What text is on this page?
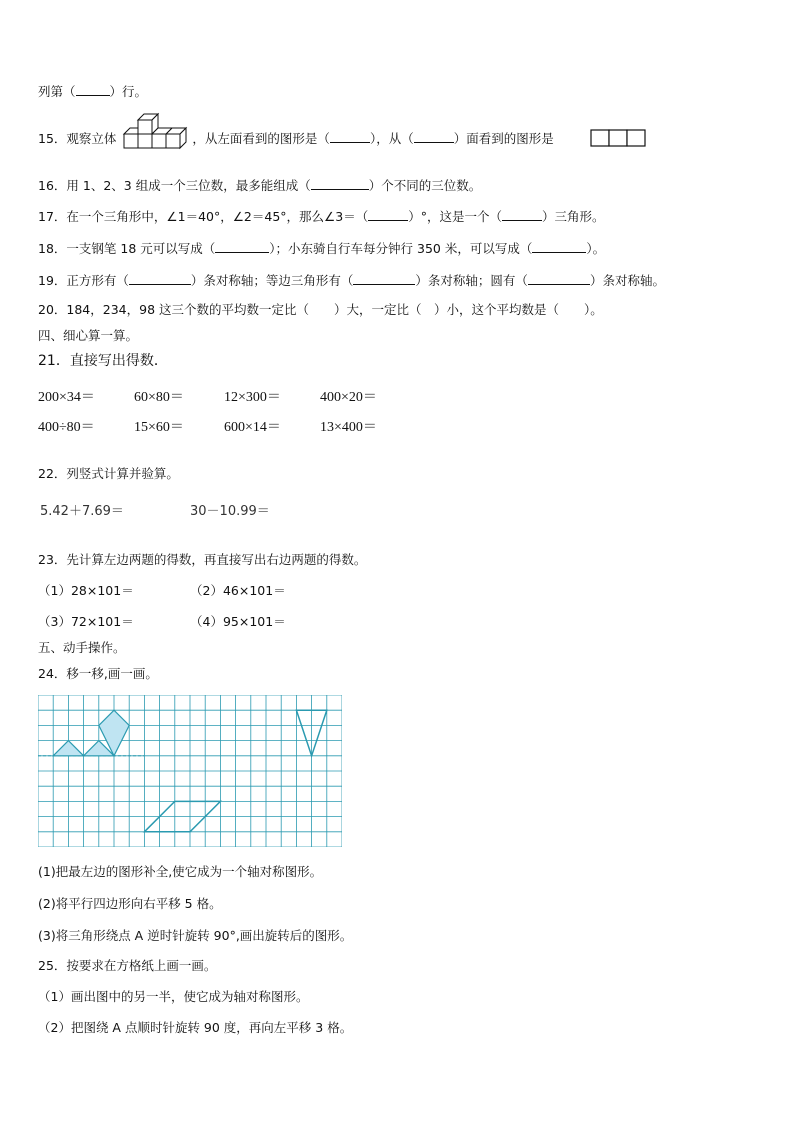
列第（	）行。
15．观察立体	，从左面看到的图形是（	），从（	）面看到的图形是
16．用 1、2、3 组成一个三位数，最多能组成（	）个不同的三位数。
17．在一个三角形中，∠1＝40°，∠2＝45°，那么∠3＝（	）°，这是一个（	）三角形。
18．一支钢笔 18 元可以写成（	）；小东骑自行车每分钟行 350 米，可以写成（	）。
19．正方形有（	）条对称轴；等边三角形有（	）条对称轴；圆有（	）条对称轴。
20．184，234，98 这三个数的平均数一定比（　　）大，一定比（　）小，这个平均数是（　　）。
四、细心算一算。
21．直接写出得数．
200×34＝	60×80＝	12×300＝	400×20＝
400÷80＝	15×60＝	600×14＝	13×400＝
22．列竖式计算并验算。
5.42＋7.69＝	30－10.99＝
23．先计算左边两题的得数，再直接写出右边两题的得数。
（1）28×101＝	（2）46×101＝
（3）72×101＝	（4）95×101＝
五、动手操作。
24．移一移,画一画。
(1)把最左边的图形补全,使它成为一个轴对称图形。
(2)将平行四边形向右平移 5 格。
(3)将三角形绕点 A 逆时针旋转 90°,画出旋转后的图形。
25．按要求在方格纸上画一画。
（1）画出图中的另一半，使它成为轴对称图形。
（2）把图绕 A 点顺时针旋转 90 度，再向左平移 3 格。
